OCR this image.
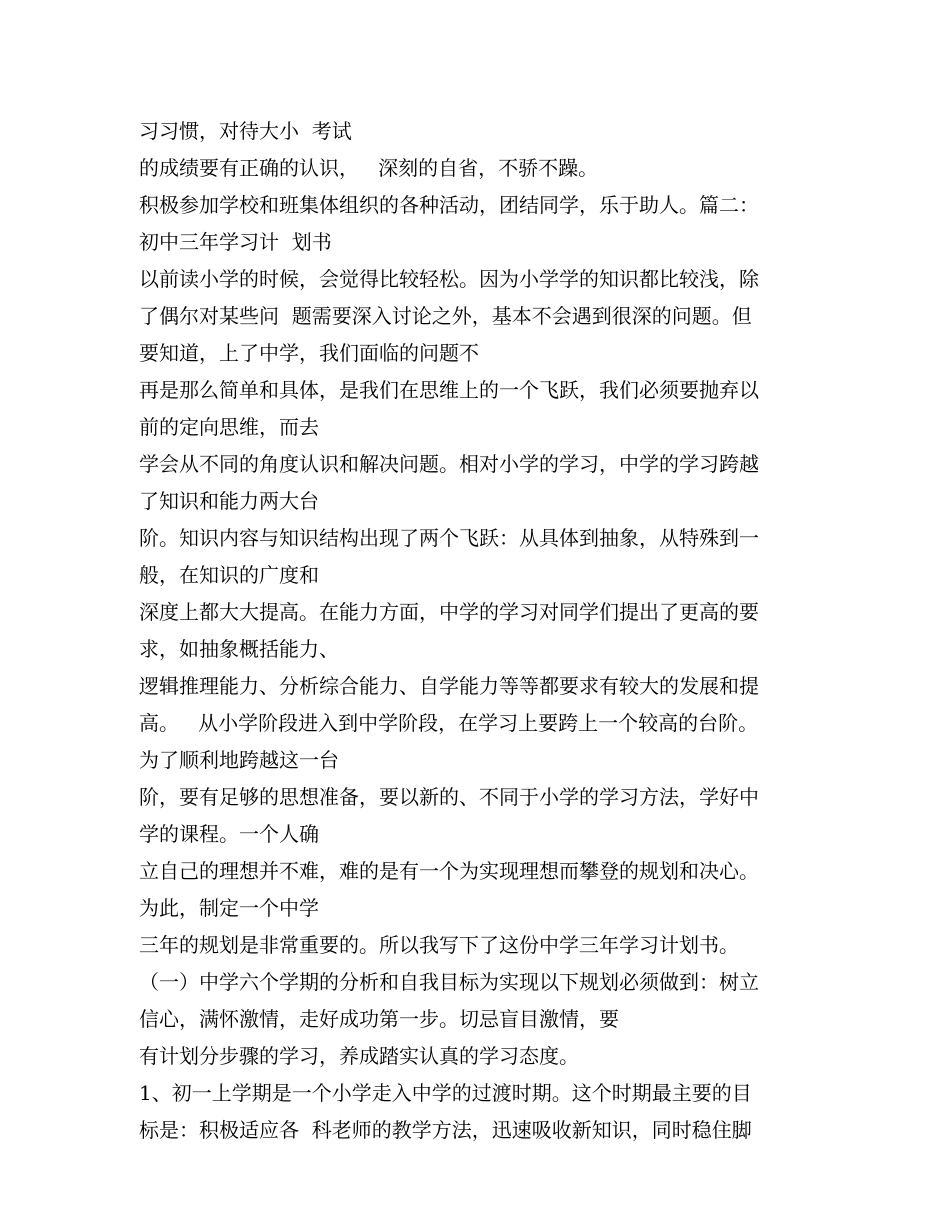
习习惯，对待大小  考试
的成绩要有正确的认识，   深刻的自省，不骄不躁。
积极参加学校和班集体组织的各种活动，团结同学，乐于助人。篇二：
初中三年学习计  划书
以前读小学的时候，会觉得比较轻松。因为小学学的知识都比较浅，除
了偶尔对某些问  题需要深入讨论之外，基本不会遇到很深的问题。但
要知道，上了中学，我们面临的问题不
再是那么简单和具体，是我们在思维上的一个飞跃，我们必须要抛弃以
前的定向思维，而去
学会从不同的角度认识和解决问题。相对小学的学习，中学的学习跨越
了知识和能力两大台
阶。知识内容与知识结构出现了两个飞跃：从具体到抽象，从特殊到一
般，在知识的广度和
深度上都大大提高。在能力方面，中学的学习对同学们提出了更高的要
求，如抽象概括能力、
逻辑推理能力、分析综合能力、自学能力等等都要求有较大的发展和提
高。   从小学阶段进入到中学阶段，在学习上要跨上一个较高的台阶。
为了顺利地跨越这一台
阶，要有足够的思想准备，要以新的、不同于小学的学习方法，学好中
学的课程。一个人确
立自己的理想并不难，难的是有一个为实现理想而攀登的规划和决心。
为此，制定一个中学
三年的规划是非常重要的。所以我写下了这份中学三年学习计划书。
（一）中学六个学期的分析和自我目标为实现以下规划必须做到：树立
信心，满怀激情，走好成功第一步。切忌盲目激情，要
有计划分步骤的学习，养成踏实认真的学习态度。
1、初一上学期是一个小学走入中学的过渡时期。这个时期最主要的目
标是：积极适应各  科老师的教学方法，迅速吸收新知识，同时稳住脚
